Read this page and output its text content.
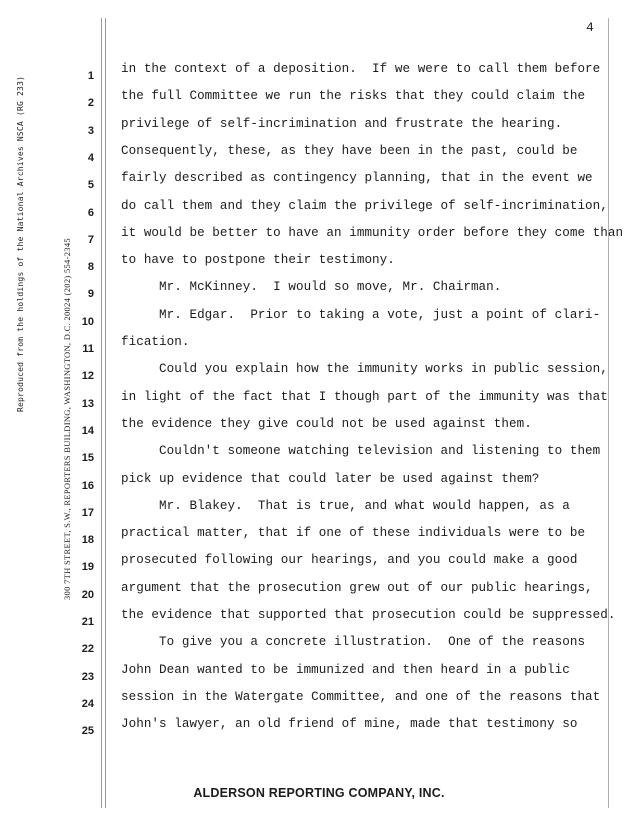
4
Reproduced from the holdings of the National Archives NSCA (RG 233)	300 7TH STREET, S.W., REPORTERS BUILDING, WASHINGTON, D.C. 20024 (202) 554-2345
1 in the context of a deposition.  If we were to call them before
2 the full Committee we run the risks that they could claim the
3 privilege of self-incrimination and frustrate the hearing.
4 Consequently, these, as they have been in the past, could be
5 fairly described as contingency planning, that in the event we
6 do call them and they claim the privilege of self-incrimination,
7 it would be better to have an immunity order before they come than
8 to have to postpone their testimony.
9 Mr. McKinney.  I would so move, Mr. Chairman.
10 Mr. Edgar.  Prior to taking a vote, just a point of clari-
11 fication.
12 Could you explain how the immunity works in public session,
13 in light of the fact that I though part of the immunity was that
14 the evidence they give could not be used against them.
15 Couldn't someone watching television and listening to them
16 pick up evidence that could later be used against them?
17 Mr. Blakey.  That is true, and what would happen, as a
18 practical matter, that if one of these individuals were to be
19 prosecuted following our hearings, and you could make a good
20 argument that the prosecution grew out of our public hearings,
21 the evidence that supported that prosecution could be suppressed.
22 To give you a concrete illustration.  One of the reasons
23 John Dean wanted to be immunized and then heard in a public
24 session in the Watergate Committee, and one of the reasons that
25 John's lawyer, an old friend of mine, made that testimony so
ALDERSON REPORTING COMPANY, INC.
